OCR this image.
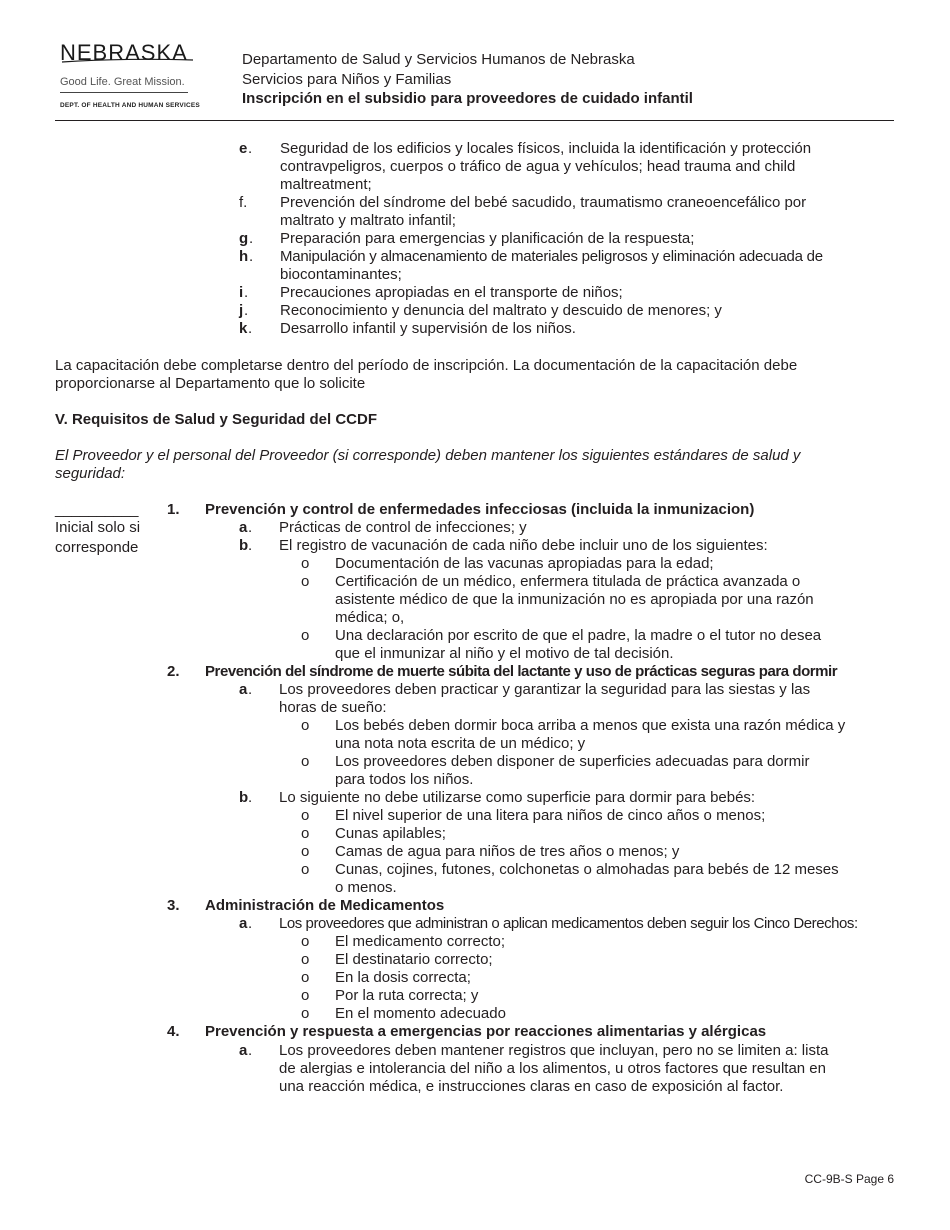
NEBRASKA
Good Life. Great Mission.
DEPT. OF HEALTH AND HUMAN SERVICES
Departamento de Salud y Servicios Humanos de Nebraska
Servicios para Niños y Familias
Inscripción en el subsidio para proveedores de cuidado infantil
e . Seguridad de los edificios y locales físicos, incluida la identificación y protección
contravpeligros, cuerpos o tráfico de agua y vehículos; head trauma and child
maltreatment;
f. Prevención del síndrome del bebé sacudido, traumatismo craneoencefálico por
maltrato y maltrato infantil;
g . Preparación para emergencias y planificación de la respuesta;
h . Manipulación y almacenamiento de materiales peligrosos y eliminación adecuada de
biocontaminantes;
i . Precauciones apropiadas en el transporte de niños;
j . Reconocimiento y denuncia del maltrato y descuido de menores; y
k . Desarrollo infantil y supervisión de los niños.
La capacitación debe completarse dentro del período de inscripción. La documentación de la capacitación debe
proporcionarse al Departamento que lo solicite
V. Requisitos de Salud y Seguridad del CCDF
El Proveedor y el personal del Proveedor (si corresponde) deben mantener los siguientes estándares de salud y
seguridad:
__________
Inicial solo si
corresponde
1. Prevención y control de enfermedades infecciosas (incluida la inmunizacion)
a . Prácticas de control de infecciones; y
b . El registro de vacunación de cada niño debe incluir uno de los siguientes:
o Documentación de las vacunas apropiadas para la edad;
o Certificación de un médico, enfermera titulada de práctica avanzada o
asistente médico de que la inmunización no es apropiada por una razón
médica; o,
o Una declaración por escrito de que el padre, la madre o el tutor no desea
que el inmunizar al niño y el motivo de tal decisión.
2. Prevención del síndrome de muerte súbita del lactante y uso de prácticas seguras para dormir
a . Los proveedores deben practicar y garantizar la seguridad para las siestas y las
horas de sueño:
o Los bebés deben dormir boca arriba a menos que exista una razón médica y
una nota nota escrita de un médico; y
o Los proveedores deben disponer de superficies adecuadas para dormir
para todos los niños.
b . Lo siguiente no debe utilizarse como superficie para dormir para bebés:
o El nivel superior de una litera para niños de cinco años o menos;
o Cunas apilables;
o Camas de agua para niños de tres años o menos; y
o Cunas, cojines, futones, colchonetas o almohadas para bebés de 12 meses
o menos.
3. Administración de Medicamentos
a . Los proveedores que administran o aplican medicamentos deben seguir los Cinco Derechos:
o El medicamento correcto;
o El destinatario correcto;
o En la dosis correcta;
o Por la ruta correcta; y
o En el momento adecuado
4. Prevención y respuesta a emergencias por reacciones alimentarias y alérgicas
a . Los proveedores deben mantener registros que incluyan, pero no se limiten a: lista
de alergias e intolerancia del niño a los alimentos, u otros factores que resultan en
una reacción médica, e instrucciones claras en caso de exposición al factor.
CC-9B-S Page 6
